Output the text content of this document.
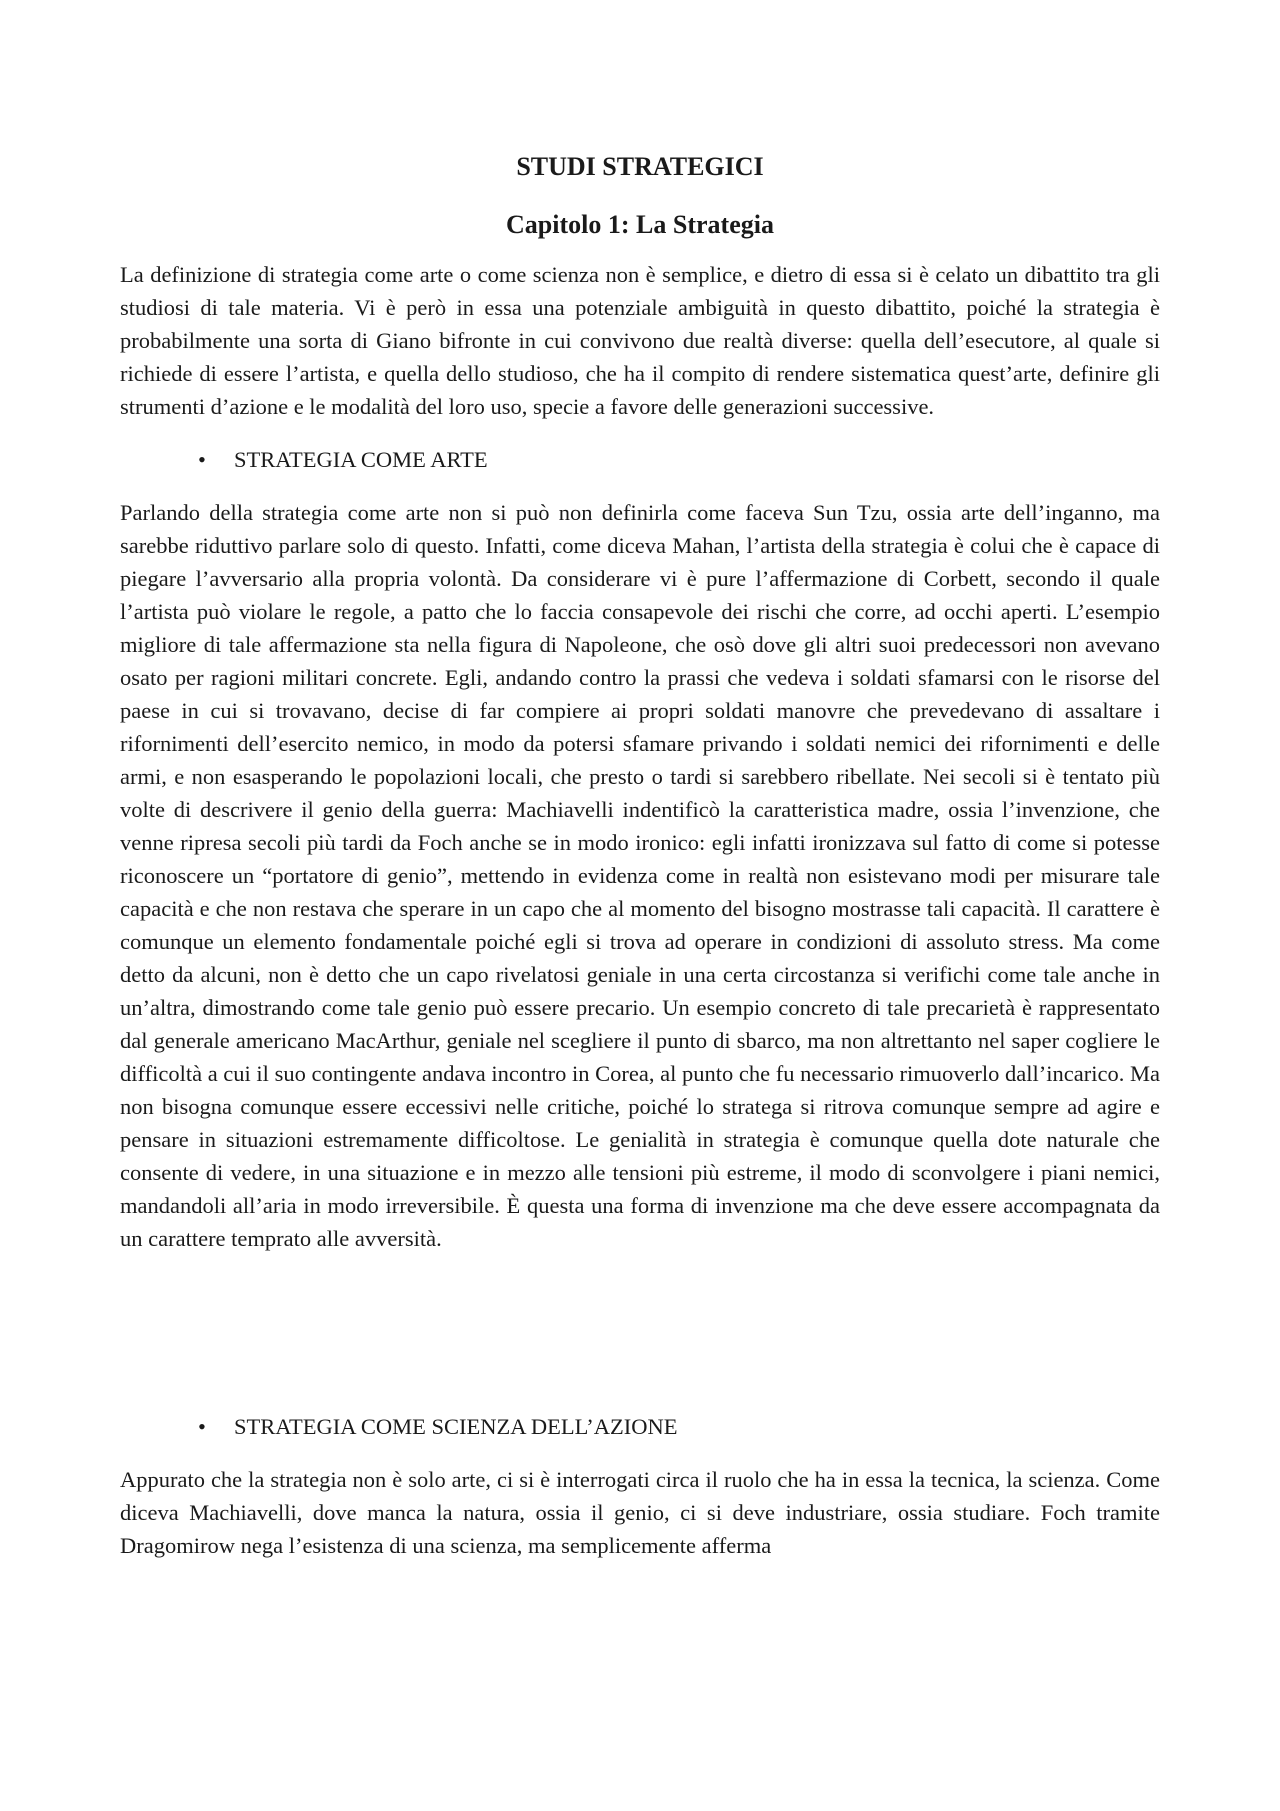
STUDI STRATEGICI
Capitolo 1: La Strategia

La definizione di strategia come arte o come scienza non è semplice, e dietro di essa si è celato un dibattito tra gli studiosi di tale materia. Vi è però in essa una potenziale ambiguità in questo dibattito, poiché la strategia è probabilmente una sorta di Giano bifronte in cui convivono due realtà diverse: quella dell’esecutore, al quale si richiede di essere l’artista, e quella dello studioso, che ha il compito di rendere sistematica quest’arte, definire gli strumenti d’azione e le modalità del loro uso, specie a favore delle generazioni successive.

•	STRATEGIA COME ARTE

Parlando della strategia come arte non si può non definirla come faceva Sun Tzu, ossia arte dell’inganno, ma sarebbe riduttivo parlare solo di questo. Infatti, come diceva Mahan, l’artista della strategia è colui che è capace di piegare l’avversario alla propria volontà. Da considerare vi è pure l’affermazione di Corbett, secondo il quale l’artista può violare le regole, a patto che lo faccia consapevole dei rischi che corre, ad occhi aperti. L’esempio migliore di tale affermazione sta nella figura di Napoleone, che osò dove gli altri suoi predecessori non avevano osato per ragioni militari concrete. Egli, andando contro la prassi che vedeva i soldati sfamarsi con le risorse del paese in cui si trovavano, decise di far compiere ai propri soldati manovre che prevedevano di assaltare i rifornimenti dell’esercito nemico, in modo da potersi sfamare privando i soldati nemici dei rifornimenti e delle armi, e non esasperando le popolazioni locali, che presto o tardi si sarebbero ribellate. Nei secoli si è tentato più volte di descrivere il genio della guerra: Machiavelli indentificò la caratteristica madre, ossia l’invenzione, che venne ripresa secoli più tardi da Foch anche se in modo ironico: egli infatti ironizzava sul fatto di come si potesse riconoscere un “portatore di genio”, mettendo in evidenza come in realtà non esistevano modi per misurare tale capacità e che non restava che sperare in un capo che al momento del bisogno mostrasse tali capacità. Il carattere è comunque un elemento fondamentale poiché egli si trova ad operare in condizioni di assoluto stress. Ma come detto da alcuni, non è detto che un capo rivelatosi geniale in una certa circostanza si verifichi come tale anche in un’altra, dimostrando come tale genio può essere precario. Un esempio concreto di tale precarietà è rappresentato dal generale americano MacArthur, geniale nel scegliere il punto di sbarco, ma non altrettanto nel saper cogliere le difficoltà a cui il suo contingente andava incontro in Corea, al punto che fu necessario rimuoverlo dall’incarico. Ma non bisogna comunque essere eccessivi nelle critiche, poiché lo stratega si ritrova comunque sempre ad agire e pensare in situazioni estremamente difficoltose. Le genialità in strategia è comunque quella dote naturale che consente di vedere, in una situazione e in mezzo alle tensioni più estreme, il modo di sconvolgere i piani nemici, mandandoli all’aria in modo irreversibile. È questa una forma di invenzione ma che deve essere accompagnata da un carattere temprato alle avversità.

•	STRATEGIA COME SCIENZA DELL’AZIONE

Appurato che la strategia non è solo arte, ci si è interrogati circa il ruolo che ha in essa la tecnica, la scienza. Come diceva Machiavelli, dove manca la natura, ossia il genio, ci si deve industriare, ossia studiare. Foch tramite Dragomirow nega l’esistenza di una scienza, ma semplicemente afferma
